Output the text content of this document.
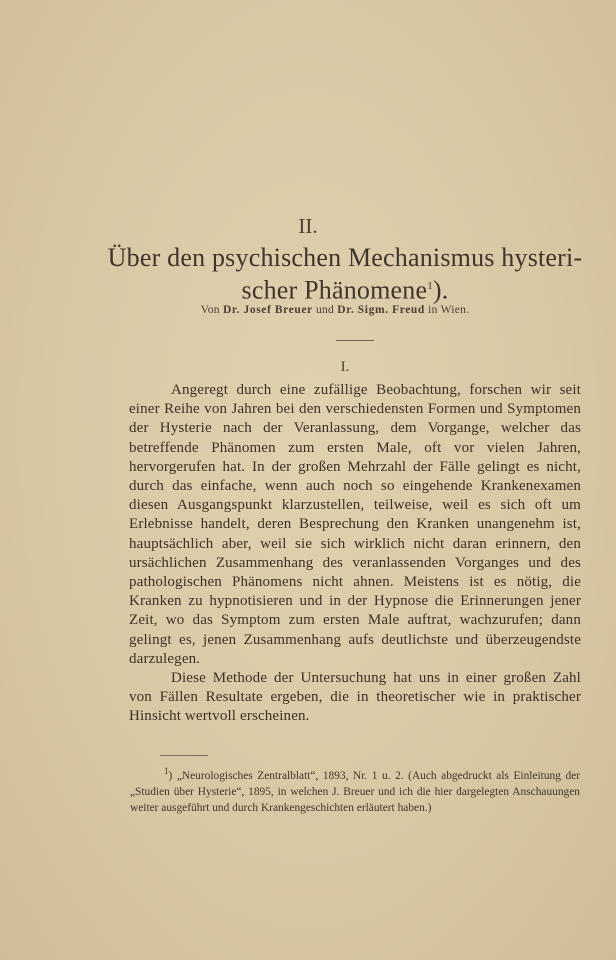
II.
Über den psychischen Mechanismus hysteri-scher Phänomene$^1$).
Von Dr. Josef Breuer und Dr. Sigm. Freud in Wien.
I.

Angeregt durch eine zufällige Beobachtung, forschen wir seit einer Reihe von Jahren bei den verschiedensten Formen und Symptomen der Hysterie nach der Veranlassung, dem Vorgange, welcher das betreffende Phänomen zum ersten Male, oft vor vielen Jahren, hervorgerufen hat. In der großen Mehrzahl der Fälle gelingt es nicht, durch das einfache, wenn auch noch so eingehende Krankenexamen diesen Ausgangspunkt klarzustellen, teilweise, weil es sich oft um Erlebnisse handelt, deren Besprechung den Kranken unangenehm ist, hauptsächlich aber, weil sie sich wirklich nicht daran erinnern, den ursächlichen Zusammenhang des veranlassenden Vorganges und des pathologischen Phänomens nicht ahnen. Meistens ist es nötig, die Kranken zu hypnotisieren und in der Hypnose die Erinnerungen jener Zeit, wo das Symptom zum ersten Male auftrat, wachzurufen; dann gelingt es, jenen Zusammenhang aufs deutlichste und überzeugendste darzulegen.

Diese Methode der Untersuchung hat uns in einer großen Zahl von Fällen Resultate ergeben, die in theoretischer wie in praktischer Hinsicht wertvoll erscheinen.

$^1$) „Neurologisches Zentralblatt“, 1893, Nr. 1 u. 2. (Auch abgedruckt als Einleitung der „Studien über Hysterie“, 1895, in welchen J. Breuer und ich die hier dargelegten Anschauungen weiter ausgeführt und durch Krankengeschichten erläutert haben.)
